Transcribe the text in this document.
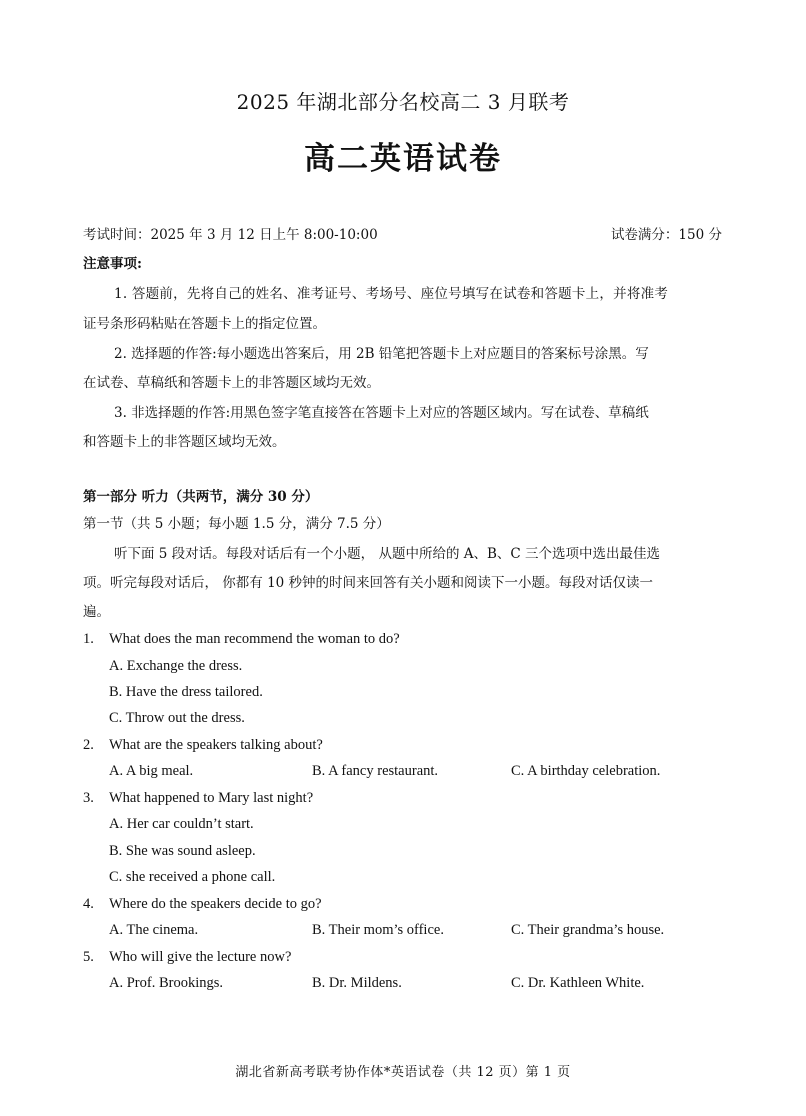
2025 年湖北部分名校高二 3 月联考
高二英语试卷
考试时间：2025 年 3 月 12 日上午 8:00-10:00	试卷满分：150 分
注意事项:
1. 答题前，先将自己的姓名、准考证号、考场号、座位号填写在试卷和答题卡上，并将准考
证号条形码粘贴在答题卡上的指定位置。
2. 选择题的作答:每小题选出答案后，用 2B 铅笔把答题卡上对应题目的答案标号涂黑。写
在试卷、草稿纸和答题卡上的非答题区域均无效。
3. 非选择题的作答:用黑色签字笔直接答在答题卡上对应的答题区域内。写在试卷、草稿纸
和答题卡上的非答题区域均无效。
第一部分 听力（共两节，满分 30 分）
第一节（共 5 小题；每小题 1.5 分，满分 7.5 分）
听下面 5 段对话。每段对话后有一个小题， 从题中所给的 A、B、C 三个选项中选出最佳选
项。听完每段对话后， 你都有 10 秒钟的时间来回答有关小题和阅读下一小题。每段对话仅读一
遍。
1. What does the man recommend the woman to do?
A. Exchange the dress.
B. Have the dress tailored.
C. Throw out the dress.
2. What are the speakers talking about?
A. A big meal.	B. A fancy restaurant.	C. A birthday celebration.
3. What happened to Mary last night?
A. Her car couldn’t start.
B. She was sound asleep.
C. she received a phone call.
4. Where do the speakers decide to go?
A. The cinema.	B. Their mom’s office.	C. Their grandma’s house.
5. Who will give the lecture now?
A. Prof. Brookings.	B. Dr. Mildens.	C. Dr. Kathleen White.
湖北省新高考联考协作体*英语试卷（共 12 页）第 1 页
